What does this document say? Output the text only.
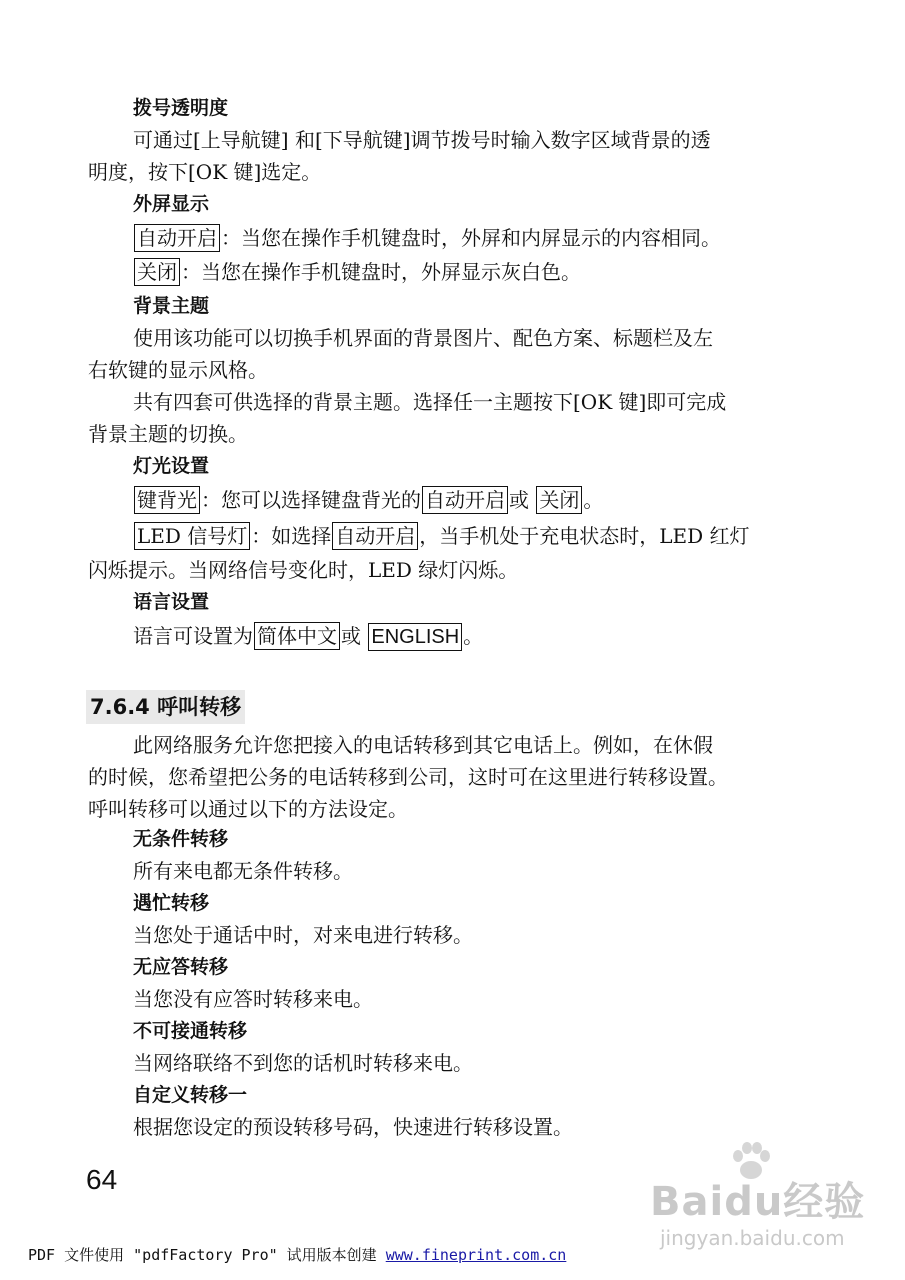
拨号透明度
可通过[上导航键] 和[下导航键]调节拨号时输入数字区域背景的透
明度，按下[OK 键]选定。
外屏显示
自动开启 ：当您在操作手机键盘时，外屏和内屏显示的内容相同。
关闭 ：当您在操作手机键盘时，外屏显示灰白色。
背景主题
使用该功能可以切换手机界面的背景图片、配色方案、标题栏及左
右软键的显示风格。
共有四套可供选择的背景主题。选择任一主题按下[OK 键]即可完成
背景主题的切换。
灯光设置
键背光 ：您可以选择键盘背光的 自动开启 或 关闭 。
LED 信号灯 ：如选择 自动开启 ，当手机处于充电状态时，LED 红灯
闪烁提示。当网络信号变化时，LED 绿灯闪烁。
语言设置
语言可设置为 简体中文 或 ENGLISH 。
7.6.4 呼叫转移
此网络服务允许您把接入的电话转移到其它电话上。例如，在休假
的时候，您希望把公务的电话转移到公司，这时可在这里进行转移设置。
呼叫转移可以通过以下的方法设定。
无条件转移
所有来电都无条件转移。
遇忙转移
当您处于通话中时，对来电进行转移。
无应答转移
当您没有应答时转移来电。
不可接通转移
当网络联络不到您的话机时转移来电。
自定义转移一
根据您设定的预设转移号码，快速进行转移设置。
64	Baidu经验
jingyan.baidu.com
PDF 文件使用 "pdfFactory Pro" 试用版本创建 www.fineprint.com.cn
